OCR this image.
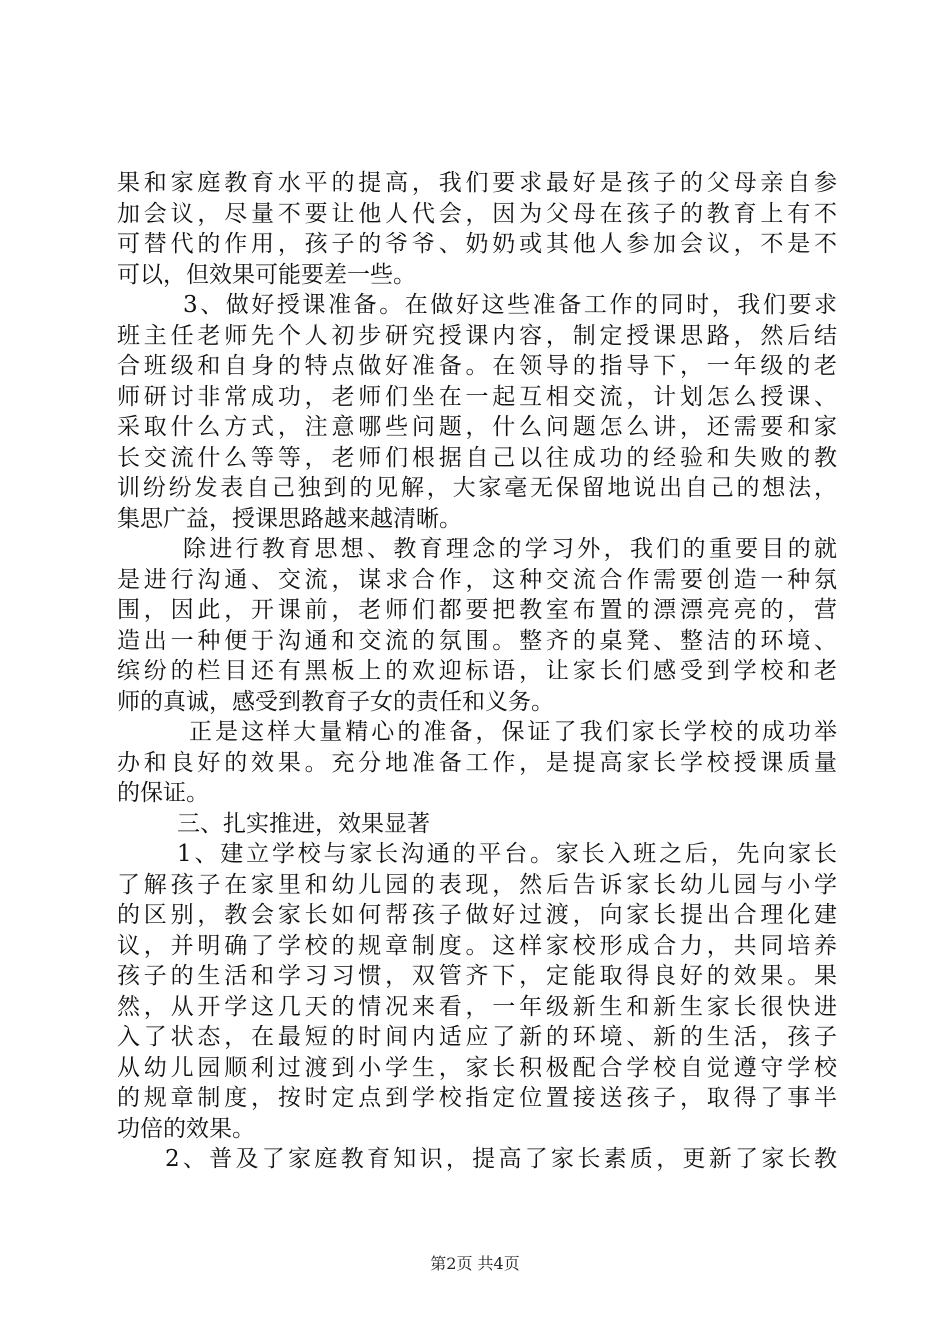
果和家庭教育水平的提高，我们要求最好是孩子的父母亲自参
加会议，尽量不要让他人代会，因为父母在孩子的教育上有不
可替代的作用，孩子的爷爷、奶奶或其他人参加会议，不是不
可以，但效果可能要差一些。
3、做好授课准备。在做好这些准备工作的同时，我们要求
班主任老师先个人初步研究授课内容，制定授课思路，然后结
合班级和自身的特点做好准备。在领导的指导下，一年级的老
师研讨非常成功，老师们坐在一起互相交流，计划怎么授课、
采取什么方式，注意哪些问题，什么问题怎么讲，还需要和家
长交流什么等等，老师们根据自己以往成功的经验和失败的教
训纷纷发表自己独到的见解，大家毫无保留地说出自己的想法，
集思广益，授课思路越来越清晰。
除进行教育思想、教育理念的学习外，我们的重要目的就
是进行沟通、交流，谋求合作，这种交流合作需要创造一种氛
围，因此，开课前，老师们都要把教室布置的漂漂亮亮的，营
造出一种便于沟通和交流的氛围。整齐的桌凳、整洁的环境、
缤纷的栏目还有黑板上的欢迎标语，让家长们感受到学校和老
师的真诚，感受到教育子女的责任和义务。
正是这样大量精心的准备，保证了我们家长学校的成功举
办和良好的效果。充分地准备工作，是提高家长学校授课质量
的保证。
三、扎实推进，效果显著
1、建立学校与家长沟通的平台。家长入班之后，先向家长
了解孩子在家里和幼儿园的表现，然后告诉家长幼儿园与小学
的区别，教会家长如何帮孩子做好过渡，向家长提出合理化建
议，并明确了学校的规章制度。这样家校形成合力，共同培养
孩子的生活和学习习惯，双管齐下，定能取得良好的效果。果
然，从开学这几天的情况来看，一年级新生和新生家长很快进
入了状态，在最短的时间内适应了新的环境、新的生活，孩子
从幼儿园顺利过渡到小学生，家长积极配合学校自觉遵守学校
的规章制度，按时定点到学校指定位置接送孩子，取得了事半
功倍的效果。
2、普及了家庭教育知识，提高了家长素质，更新了家长教
第2页 共4页
